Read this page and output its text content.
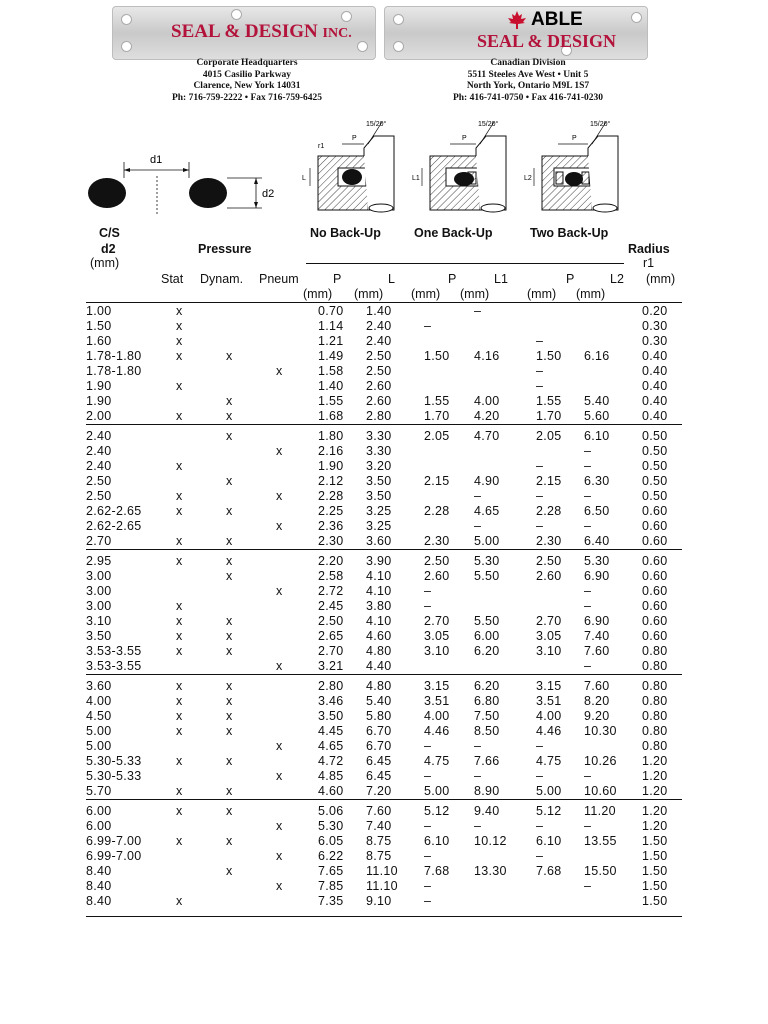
SEAL & DESIGN INC.
ABLE
SEAL & DESIGN
Corporate Headquarters
4015 Casilio Parkway
Clarence, New York 14031
Ph: 716-759-2222 • Fax 716-759-6425
Canadian Division
5511 Steeles Ave West • Unit 5
North York, Ontario M9L 1S7
Ph: 416-741-0750 • Fax 416-741-0230
d1
d2
P
15/20°
r1
L
P
15/20°
L1
P
15/20°
L2
C/S
d2
(mm)
Pressure
No Back-Up	One Back-Up	Two Back-Up
Radius
r1
Stat Dynam. Pneum	P	L	P	L1	P	L2 (mm)
(mm) (mm) (mm) (mm)	(mm) (mm)
1.00	x			0.70	1.40		–			0.20
1.50	x			1.14	2.40	–				0.30
1.60	x			1.21	2.40			–		0.30
1.78-1.80	x	x		1.49	2.50	1.50	4.16	1.50	6.16	0.40
1.78-1.80			x	1.58	2.50			–		0.40
1.90	x			1.40	2.60			–		0.40
1.90		x		1.55	2.60	1.55	4.00	1.55	5.40	0.40
2.00	x	x		1.68	2.80	1.70	4.20	1.70	5.60	0.40
2.40		x		1.80	3.30	2.05	4.70	2.05	6.10	0.50
2.40			x	2.16	3.30				–	0.50
2.40	x			1.90	3.20			–	–	0.50
2.50		x		2.12	3.50	2.15	4.90	2.15	6.30	0.50
2.50	x		x	2.28	3.50		–	–	–	0.50
2.62-2.65	x	x		2.25	3.25	2.28	4.65	2.28	6.50	0.60
2.62-2.65			x	2.36	3.25		–	–	–	0.60
2.70	x	x		2.30	3.60	2.30	5.00	2.30	6.40	0.60
2.95	x	x		2.20	3.90	2.50	5.30	2.50	5.30	0.60
3.00		x		2.58	4.10	2.60	5.50	2.60	6.90	0.60
3.00			x	2.72	4.10	–			–	0.60
3.00	x			2.45	3.80	–			–	0.60
3.10	x	x		2.50	4.10	2.70	5.50	2.70	6.90	0.60
3.50	x	x		2.65	4.60	3.05	6.00	3.05	7.40	0.60
3.53-3.55	x	x		2.70	4.80	3.10	6.20	3.10	7.60	0.80
3.53-3.55			x	3.21	4.40				–	0.80
3.60	x	x		2.80	4.80	3.15	6.20	3.15	7.60	0.80
4.00	x	x		3.46	5.40	3.51	6.80	3.51	8.20	0.80
4.50	x	x		3.50	5.80	4.00	7.50	4.00	9.20	0.80
5.00	x	x		4.45	6.70	4.46	8.50	4.46	10.30	0.80
5.00			x	4.65	6.70	–	–	–		0.80
5.30-5.33	x	x		4.72	6.45	4.75	7.66	4.75	10.26	1.20
5.30-5.33			x	4.85	6.45	–	–	–	–	1.20
5.70	x	x		4.60	7.20	5.00	8.90	5.00	10.60	1.20
6.00	x	x		5.06	7.60	5.12	9.40	5.12	11.20	1.20
6.00			x	5.30	7.40	–	–	–	–	1.20
6.99-7.00	x	x		6.05	8.75	6.10	10.12	6.10	13.55	1.50
6.99-7.00			x	6.22	8.75	–		–		1.50
8.40		x		7.65	11.10	7.68	13.30	7.68	15.50	1.50
8.40			x	7.85	11.10	–			–	1.50
8.40	x			7.35	9.10	–				1.50
